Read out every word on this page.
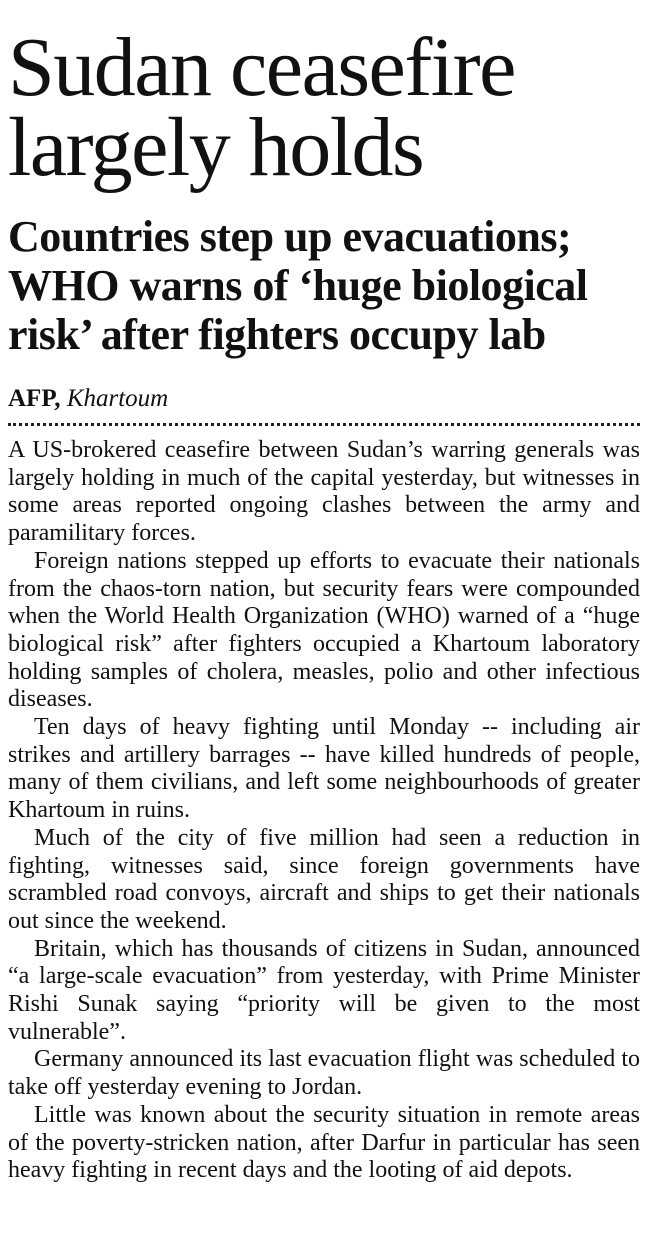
Sudan ceasefire largely holds
Countries step up evacuations; WHO warns of ‘huge biological risk’ after fighters occupy lab

AFP, Khartoum

A US-brokered ceasefire between Sudan’s warring generals was largely holding in much of the capital yesterday, but witnesses in some areas reported ongoing clashes between the army and paramilitary forces.

Foreign nations stepped up efforts to evacuate their nationals from the chaos-torn nation, but security fears were compounded when the World Health Organization (WHO) warned of a “huge biological risk” after fighters occupied a Khartoum laboratory holding samples of cholera, measles, polio and other infectious diseases.

Ten days of heavy fighting until Monday -- including air strikes and artillery barrages -- have killed hundreds of people, many of them civilians, and left some neighbourhoods of greater Khartoum in ruins.

Much of the city of five million had seen a reduction in fighting, witnesses said, since foreign governments have scrambled road convoys, aircraft and ships to get their nationals out since the weekend.

Britain, which has thousands of citizens in Sudan, announced “a large-scale evacuation” from yesterday, with Prime Minister Rishi Sunak saying “priority will be given to the most vulnerable”.

Germany announced its last evacuation flight was scheduled to take off yesterday evening to Jordan.

Little was known about the security situation in remote areas of the poverty-stricken nation, after Darfur in particular has seen heavy fighting in recent days and the looting of aid depots.
